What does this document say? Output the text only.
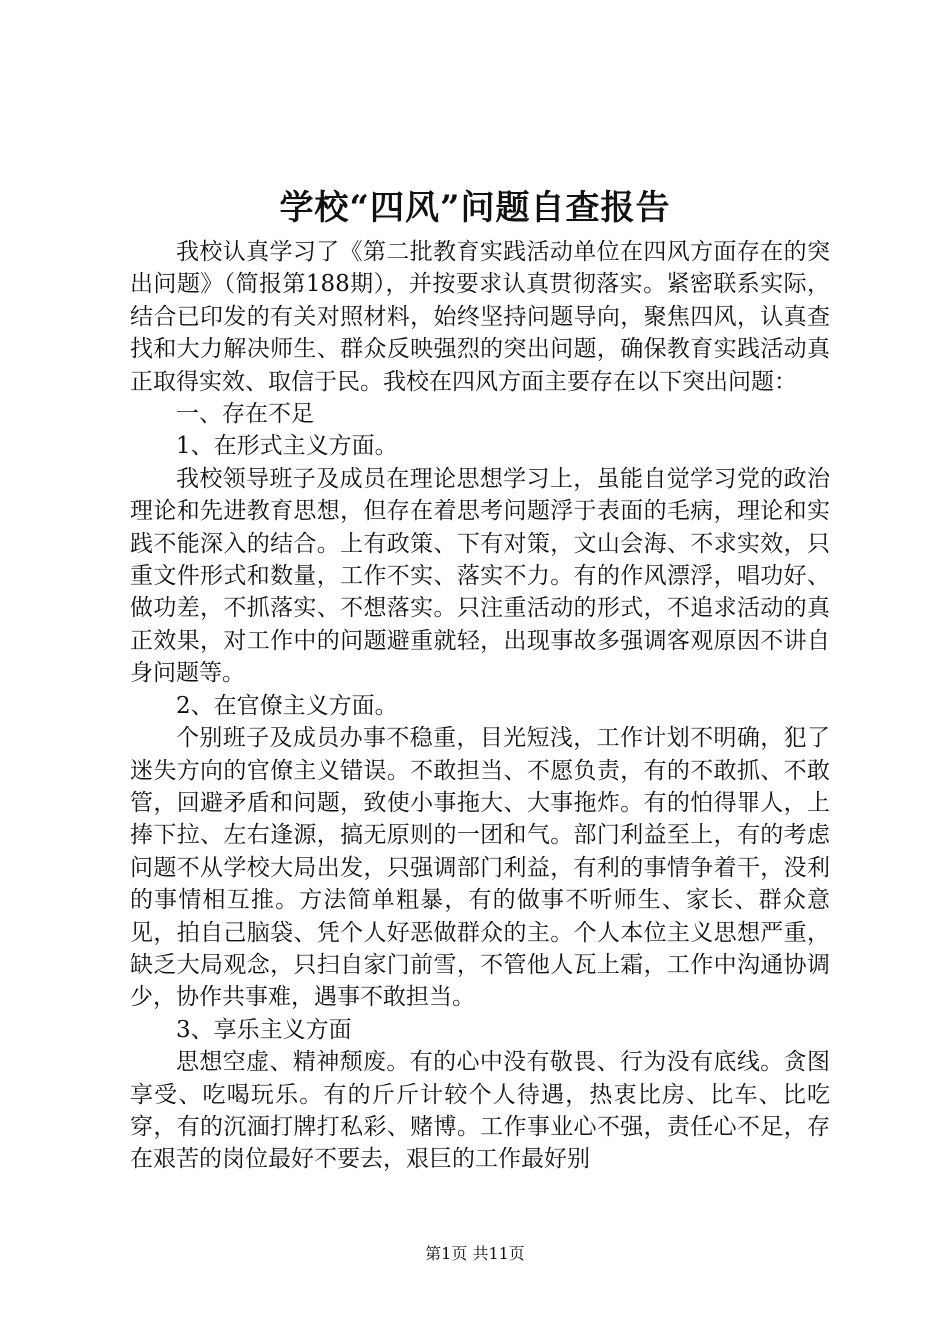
学校“四风”问题自查报告

我校认真学习了《第二批教育实践活动单位在四风方面存在的突出问题》（简报第188期），并按要求认真贯彻落实。紧密联系实际，结合已印发的有关对照材料，始终坚持问题导向，聚焦四风，认真查找和大力解决师生、群众反映强烈的突出问题，确保教育实践活动真正取得实效、取信于民。我校在四风方面主要存在以下突出问题：

一、存在不足

1、在形式主义方面。

我校领导班子及成员在理论思想学习上，虽能自觉学习党的政治理论和先进教育思想，但存在着思考问题浮于表面的毛病，理论和实践不能深入的结合。上有政策、下有对策，文山会海、不求实效，只重文件形式和数量，工作不实、落实不力。有的作风漂浮，唱功好、做功差，不抓落实、不想落实。只注重活动的形式，不追求活动的真正效果，对工作中的问题避重就轻，出现事故多强调客观原因不讲自身问题等。

2、在官僚主义方面。

个别班子及成员办事不稳重，目光短浅，工作计划不明确，犯了迷失方向的官僚主义错误。不敢担当、不愿负责，有的不敢抓、不敢管，回避矛盾和问题，致使小事拖大、大事拖炸。有的怕得罪人，上捧下拉、左右逢源，搞无原则的一团和气。部门利益至上，有的考虑问题不从学校大局出发，只强调部门利益，有利的事情争着干，没利的事情相互推。方法简单粗暴，有的做事不听师生、家长、群众意见，拍自己脑袋、凭个人好恶做群众的主。个人本位主义思想严重，缺乏大局观念，只扫自家门前雪，不管他人瓦上霜，工作中沟通协调少，协作共事难，遇事不敢担当。

3、享乐主义方面

思想空虚、精神颓废。有的心中没有敬畏、行为没有底线。贪图享受、吃喝玩乐。有的斤斤计较个人待遇，热衷比房、比车、比吃穿，有的沉湎打牌打私彩、赌博。工作事业心不强，责任心不足，存在艰苦的岗位最好不要去，艰巨的工作最好别

第1页 共11页
